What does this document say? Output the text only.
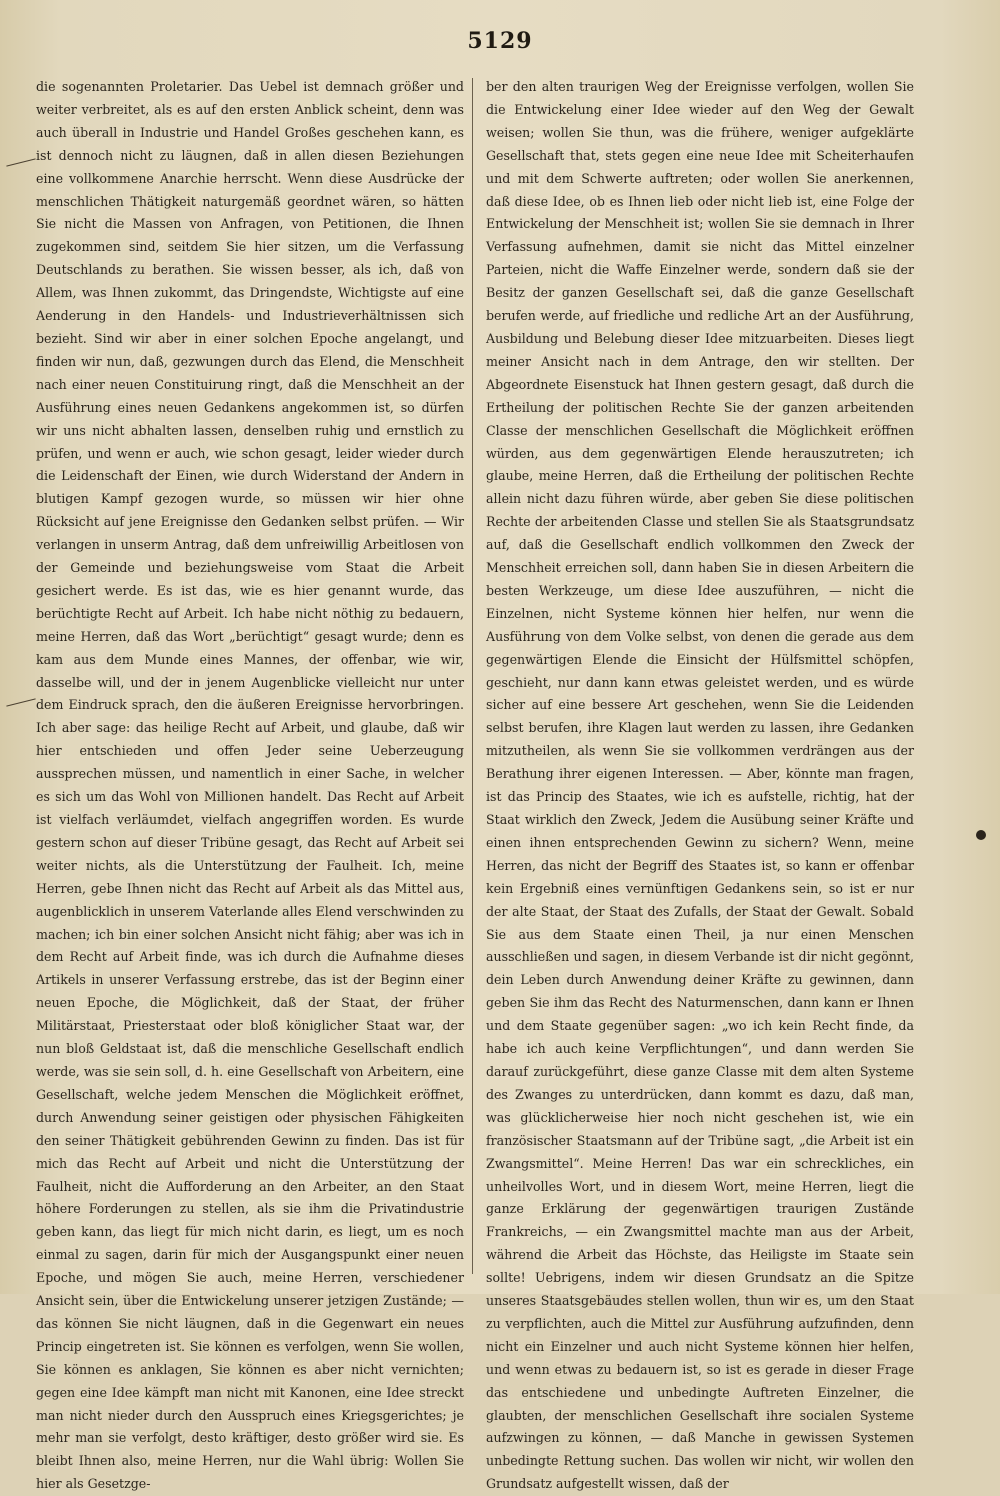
5129

die sogenannten Proletarier. Das Uebel ist demnach größer und weiter verbreitet, als es auf den ersten Anblick scheint, denn was auch überall in Industrie und Handel Großes geschehen kann, es ist dennoch nicht zu läugnen, daß in allen diesen Beziehungen eine vollkommene Anarchie herrscht. Wenn diese Ausdrücke der menschlichen Thätigkeit naturgemäß geordnet wären, so hätten Sie nicht die Massen von Anfragen, von Petitionen, die Ihnen zugekommen sind, seitdem Sie hier sitzen, um die Verfassung Deutschlands zu berathen. Sie wissen besser, als ich, daß von Allem, was Ihnen zukommt, das Dringendste, Wichtigste auf eine Aenderung in den Handels- und Industrieverhältnissen sich bezieht. Sind wir aber in einer solchen Epoche angelangt, und finden wir nun, daß, gezwungen durch das Elend, die Menschheit nach einer neuen Constituirung ringt, daß die Menschheit an der Ausführung eines neuen Gedankens angekommen ist, so dürfen wir uns nicht abhalten lassen, denselben ruhig und ernstlich zu prüfen, und wenn er auch, wie schon gesagt, leider wieder durch die Leidenschaft der Einen, wie durch Widerstand der Andern in blutigen Kampf gezogen wurde, so müssen wir hier ohne Rücksicht auf jene Ereignisse den Gedanken selbst prüfen. — Wir verlangen in unserm Antrag, daß dem unfreiwillig Arbeitlosen von der Gemeinde und beziehungsweise vom Staat die Arbeit gesichert werde. Es ist das, wie es hier genannt wurde, das berüchtigte Recht auf Arbeit. Ich habe nicht nöthig zu bedauern, meine Herren, daß das Wort „berüchtigt“ gesagt wurde; denn es kam aus dem Munde eines Mannes, der offenbar, wie wir, dasselbe will, und der in jenem Augenblicke vielleicht nur unter dem Eindruck sprach, den die äußeren Ereignisse hervorbringen. Ich aber sage: das heilige Recht auf Arbeit, und glaube, daß wir hier entschieden und offen Jeder seine Ueberzeugung aussprechen müssen, und namentlich in einer Sache, in welcher es sich um das Wohl von Millionen handelt. Das Recht auf Arbeit ist vielfach verläumdet, vielfach angegriffen worden. Es wurde gestern schon auf dieser Tribüne gesagt, das Recht auf Arbeit sei weiter nichts, als die Unterstützung der Faulheit. Ich, meine Herren, gebe Ihnen nicht das Recht auf Arbeit als das Mittel aus, augenblicklich in unserem Vaterlande alles Elend verschwinden zu machen; ich bin einer solchen Ansicht nicht fähig; aber was ich in dem Recht auf Arbeit finde, was ich durch die Aufnahme dieses Artikels in unserer Verfassung erstrebe, das ist der Beginn einer neuen Epoche, die Möglichkeit, daß der Staat, der früher Militärstaat, Priesterstaat oder bloß königlicher Staat war, der nun bloß Geldstaat ist, daß die menschliche Gesellschaft endlich werde, was sie sein soll, d. h. eine Gesellschaft von Arbeitern, eine Gesellschaft, welche jedem Menschen die Möglichkeit eröffnet, durch Anwendung seiner geistigen oder physischen Fähigkeiten den seiner Thätigkeit gebührenden Gewinn zu finden. Das ist für mich das Recht auf Arbeit und nicht die Unterstützung der Faulheit, nicht die Aufforderung an den Arbeiter, an den Staat höhere Forderungen zu stellen, als sie ihm die Privatindustrie geben kann, das liegt für mich nicht darin, es liegt, um es noch einmal zu sagen, darin für mich der Ausgangspunkt einer neuen Epoche, und mögen Sie auch, meine Herren, verschiedener Ansicht sein, über die Entwickelung unserer jetzigen Zustände; — das können Sie nicht läugnen, daß in die Gegenwart ein neues Princip eingetreten ist. Sie können es verfolgen, wenn Sie wollen, Sie können es anklagen, Sie können es aber nicht vernichten; gegen eine Idee kämpft man nicht mit Kanonen, eine Idee streckt man nicht nieder durch den Ausspruch eines Kriegsgerichtes; je mehr man sie verfolgt, desto kräftiger, desto größer wird sie. Es bleibt Ihnen also, meine Herren, nur die Wahl übrig: Wollen Sie hier als Gesetzge-

ber den alten traurigen Weg der Ereignisse verfolgen, wollen Sie die Entwickelung einer Idee wieder auf den Weg der Gewalt weisen; wollen Sie thun, was die frühere, weniger aufgeklärte Gesellschaft that, stets gegen eine neue Idee mit Scheiterhaufen und mit dem Schwerte auftreten; oder wollen Sie anerkennen, daß diese Idee, ob es Ihnen lieb oder nicht lieb ist, eine Folge der Entwickelung der Menschheit ist; wollen Sie sie demnach in Ihrer Verfassung aufnehmen, damit sie nicht das Mittel einzelner Parteien, nicht die Waffe Einzelner werde, sondern daß sie der Besitz der ganzen Gesellschaft sei, daß die ganze Gesellschaft berufen werde, auf friedliche und redliche Art an der Ausführung, Ausbildung und Belebung dieser Idee mitzuarbeiten. Dieses liegt meiner Ansicht nach in dem Antrage, den wir stellten. Der Abgeordnete Eisenstuck hat Ihnen gestern gesagt, daß durch die Ertheilung der politischen Rechte Sie der ganzen arbeitenden Classe der menschlichen Gesellschaft die Möglichkeit eröffnen würden, aus dem gegenwärtigen Elende herauszutreten; ich glaube, meine Herren, daß die Ertheilung der politischen Rechte allein nicht dazu führen würde, aber geben Sie diese politischen Rechte der arbeitenden Classe und stellen Sie als Staatsgrundsatz auf, daß die Gesellschaft endlich vollkommen den Zweck der Menschheit erreichen soll, dann haben Sie in diesen Arbeitern die besten Werkzeuge, um diese Idee auszuführen, — nicht die Einzelnen, nicht Systeme können hier helfen, nur wenn die Ausführung von dem Volke selbst, von denen die gerade aus dem gegenwärtigen Elende die Einsicht der Hülfsmittel schöpfen, geschieht, nur dann kann etwas geleistet werden, und es würde sicher auf eine bessere Art geschehen, wenn Sie die Leidenden selbst berufen, ihre Klagen laut werden zu lassen, ihre Gedanken mitzutheilen, als wenn Sie sie vollkommen verdrängen aus der Berathung ihrer eigenen Interessen. — Aber, könnte man fragen, ist das Princip des Staates, wie ich es aufstelle, richtig, hat der Staat wirklich den Zweck, Jedem die Ausübung seiner Kräfte und einen ihnen entsprechenden Gewinn zu sichern? Wenn, meine Herren, das nicht der Begriff des Staates ist, so kann er offenbar kein Ergebniß eines vernünftigen Gedankens sein, so ist er nur der alte Staat, der Staat des Zufalls, der Staat der Gewalt. Sobald Sie aus dem Staate einen Theil, ja nur einen Menschen ausschließen und sagen, in diesem Verbande ist dir nicht gegönnt, dein Leben durch Anwendung deiner Kräfte zu gewinnen, dann geben Sie ihm das Recht des Naturmenschen, dann kann er Ihnen und dem Staate gegenüber sagen: „wo ich kein Recht finde, da habe ich auch keine Verpflichtungen“, und dann werden Sie darauf zurückgeführt, diese ganze Classe mit dem alten Systeme des Zwanges zu unterdrücken, dann kommt es dazu, daß man, was glücklicherweise hier noch nicht geschehen ist, wie ein französischer Staatsmann auf der Tribüne sagt, „die Arbeit ist ein Zwangsmittel“. Meine Herren! Das war ein schreckliches, ein unheilvolles Wort, und in diesem Wort, meine Herren, liegt die ganze Erklärung der gegenwärtigen traurigen Zustände Frankreichs, — ein Zwangsmittel machte man aus der Arbeit, während die Arbeit das Höchste, das Heiligste im Staate sein sollte! Uebrigens, indem wir diesen Grundsatz an die Spitze unseres Staatsgebäudes stellen wollen, thun wir es, um den Staat zu verpflichten, auch die Mittel zur Ausführung aufzufinden, denn nicht ein Einzelner und auch nicht Systeme können hier helfen, und wenn etwas zu bedauern ist, so ist es gerade in dieser Frage das entschiedene und unbedingte Auftreten Einzelner, die glaubten, der menschlichen Gesellschaft ihre socialen Systeme aufzwingen zu können, — daß Manche in gewissen Systemen unbedingte Rettung suchen. Das wollen wir nicht, wir wollen den Grundsatz aufgestellt wissen, daß der
